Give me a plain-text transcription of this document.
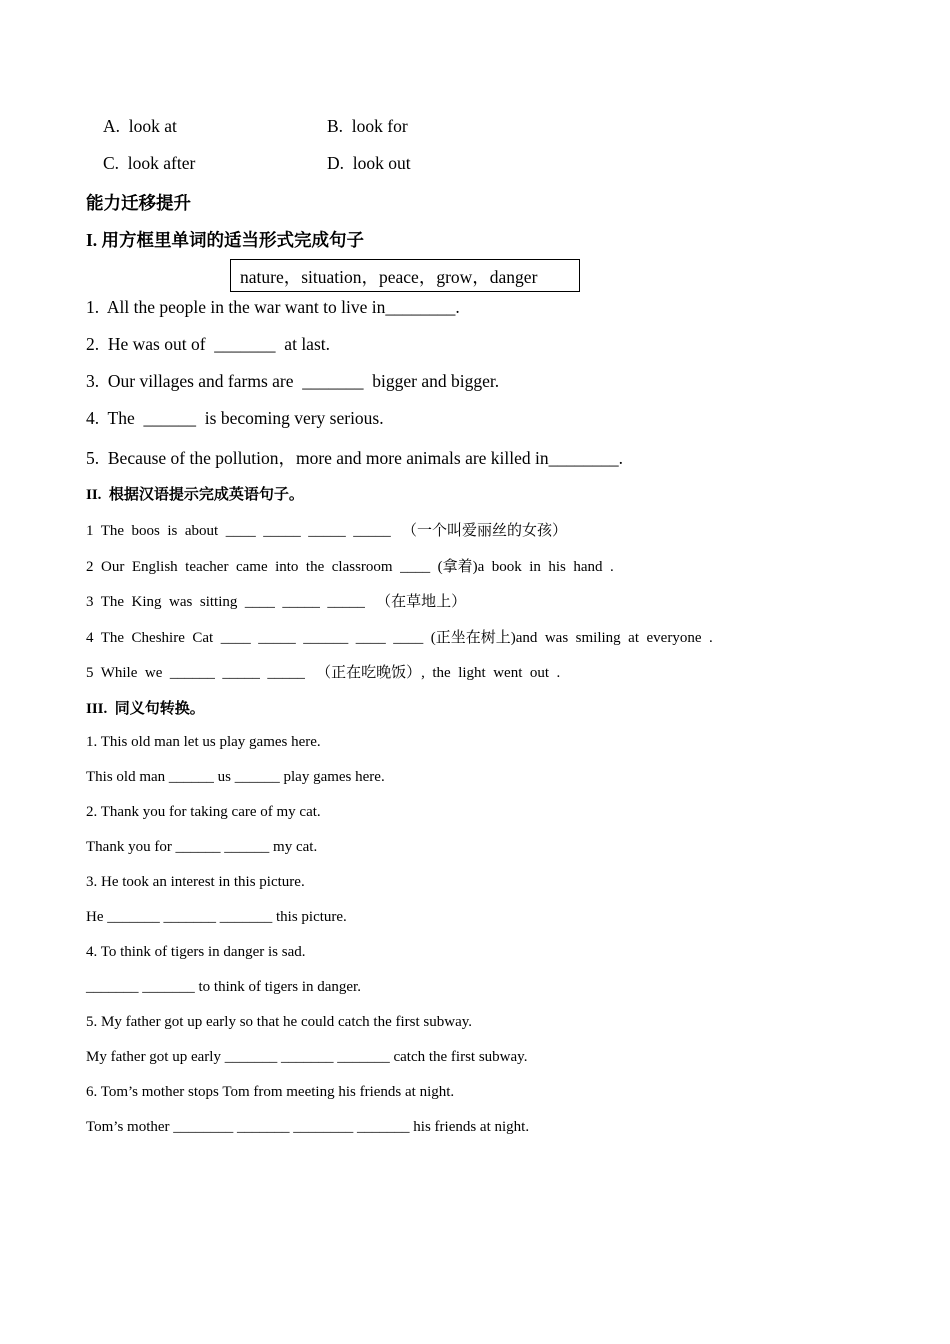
A.  look at	B.  look for
C.  look after	D.  look out
能力迁移提升
I. 用方框里单词的适当形式完成句子
nature，situation，peace，grow，danger
1.  All the people in the war want to live in________.
2.  He was out of  _______  at last.
3.  Our villages and farms are  _______  bigger and bigger.
4.  The  ______  is becoming very serious.
5.  Because of the pollution，more and more animals are killed in________.
II.  根据汉语提示完成英语句子。
1  The  boos  is  about  ____  _____  _____  _____   （一个叫爱丽丝的女孩）
2  Our  English  teacher  came  into  the  classroom  ____  (拿着)a  book  in  his  hand  .
3  The  King  was  sitting  ____  _____  _____   （在草地上）
4  The  Cheshire  Cat  ____  _____  ______  ____  ____  (正坐在树上)and  was  smiling  at  everyone  .
5  While  we  ______  _____  _____   （正在吃晚饭）,  the  light  went  out  .
III.  同义句转换。
1. This old man let us play games here.
This old man ______ us ______ play games here.
2. Thank you for taking care of my cat.
Thank you for ______ ______ my cat.
3. He took an interest in this picture.
He _______ _______ _______ this picture.
4. To think of tigers in danger is sad.
_______ _______ to think of tigers in danger.
5. My father got up early so that he could catch the first subway.
My father got up early _______ _______ _______ catch the first subway.
6. Tom’s mother stops Tom from meeting his friends at night.
Tom’s mother ________ _______ ________ _______ his friends at night.
